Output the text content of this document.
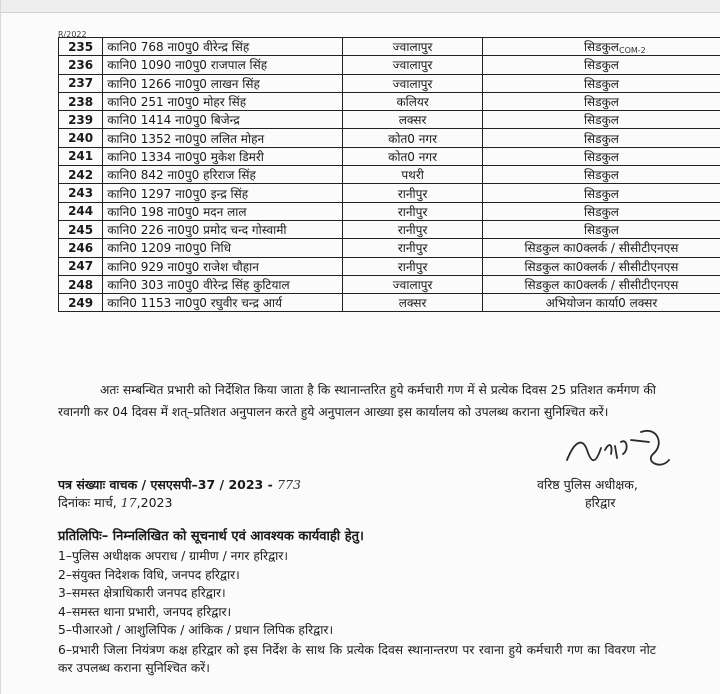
R/2022
COM-2
235	कानि0 768 ना0पु0 वीरेन्द्र सिंह	ज्वालापुर	सिडकुल
236	कानि0 1090 ना0पु0 राजपाल सिंह	ज्वालापुर	सिडकुल
237	कानि0 1266 ना0पु0 लाखन सिंह	ज्वालापुर	सिडकुल
238	कानि0 251 ना0पु0 मोहर सिंह	कलियर	सिडकुल
239	कानि0 1414 ना0पु0 बिजेन्द्र	लक्सर	सिडकुल
240	कानि0 1352 ना0पु0 ललित मोहन	कोत0 नगर	सिडकुल
241	कानि0 1334 ना0पु0 मुकेश डिमरी	कोत0 नगर	सिडकुल
242	कानि0 842 ना0पु0 हरिराज सिंह	पथरी	सिडकुल
243	कानि0 1297 ना0पु0 इन्द्र सिंह	रानीपुर	सिडकुल
244	कानि0 198 ना0पु0 मदन लाल	रानीपुर	सिडकुल
245	कानि0 226 ना0पु0 प्रमोद चन्द गोस्वामी	रानीपुर	सिडकुल
246	कानि0 1209 ना0पु0 निधि	रानीपुर	सिडकुल का0क्लर्क / सीसीटीएनएस
247	कानि0 929 ना0पु0 राजेश चौहान	रानीपुर	सिडकुल का0क्लर्क / सीसीटीएनएस
248	कानि0 303 ना0पु0 वीरेन्द्र सिंह कुटियाल	ज्वालापुर	सिडकुल का0क्लर्क / सीसीटीएनएस
249	कानि0 1153 ना0पु0 रघुवीर चन्द्र आर्य	लक्सर	अभियोजन कार्या0 लक्सर
अतः सम्बन्धित प्रभारी को निर्देशित किया जाता है कि स्थानान्तरित हुये कर्मचारी गण में से प्रत्येक दिवस 25 प्रतिशत कर्मगण की रवानगी कर 04 दिवस में शत्–प्रतिशत अनुपालन करते हुये अनुपालन आख्या इस कार्यालय को उपलब्ध कराना सुनिश्चित करें।
पत्र संख्याः वाचक / एसएसपी–37 / 2023 - 773
दिनांकः मार्च, 17,2023
वरिष्ठ पुलिस अधीक्षक,
हरिद्वार
प्रतिलिपिः– निम्नलिखित को सूचनार्थ एवं आवश्यक कार्यवाही हेतु।
1–पुलिस अधीक्षक अपराध / ग्रामीण / नगर हरिद्वार।
2–संयुक्त निदेशक विधि, जनपद हरिद्वार।
3–समस्त क्षेत्राधिकारी जनपद हरिद्वार।
4–समस्त थाना प्रभारी, जनपद हरिद्वार।
5–पीआरओ / आशुलिपिक / आंकिक / प्रधान लिपिक हरिद्वार।
6–प्रभारी जिला नियंत्रण कक्ष हरिद्वार को इस निर्देश के साथ कि प्रत्येक दिवस स्थानान्तरण पर रवाना हुये कर्मचारी गण का विवरण नोट कर उपलब्ध कराना सुनिश्चित करें।
